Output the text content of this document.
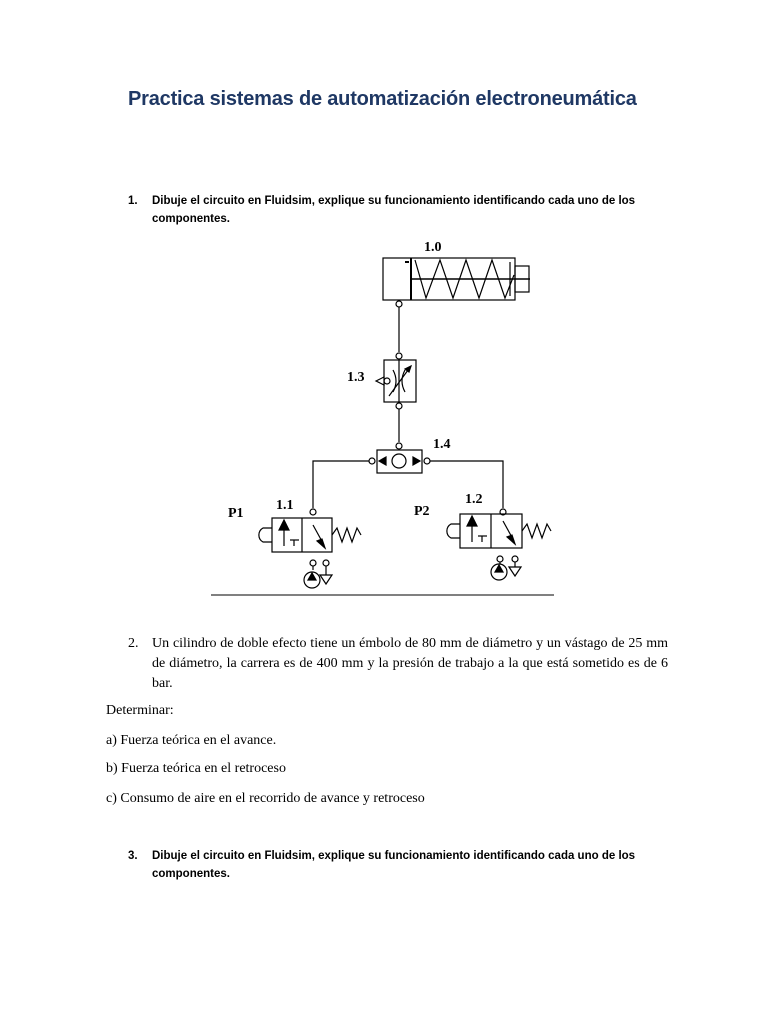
Practica sistemas de automatización electroneumática
1.	Dibuje el circuito en Fluidsim, explique su funcionamiento identificando cada uno de los componentes.
1.0
1.3
1.4
1.1
P1
1.2
P2
2. Un cilindro de doble efecto tiene un émbolo de 80 mm de diámetro y un vástago de 25 mm de diámetro, la carrera es de 400 mm y la presión de trabajo a la que está sometido es de 6 bar.
Determinar:
a) Fuerza teórica en el avance.
b) Fuerza teórica en el retroceso
c) Consumo de aire en el recorrido de avance y retroceso
3.	Dibuje el circuito en Fluidsim, explique su funcionamiento identificando cada uno de los componentes.
